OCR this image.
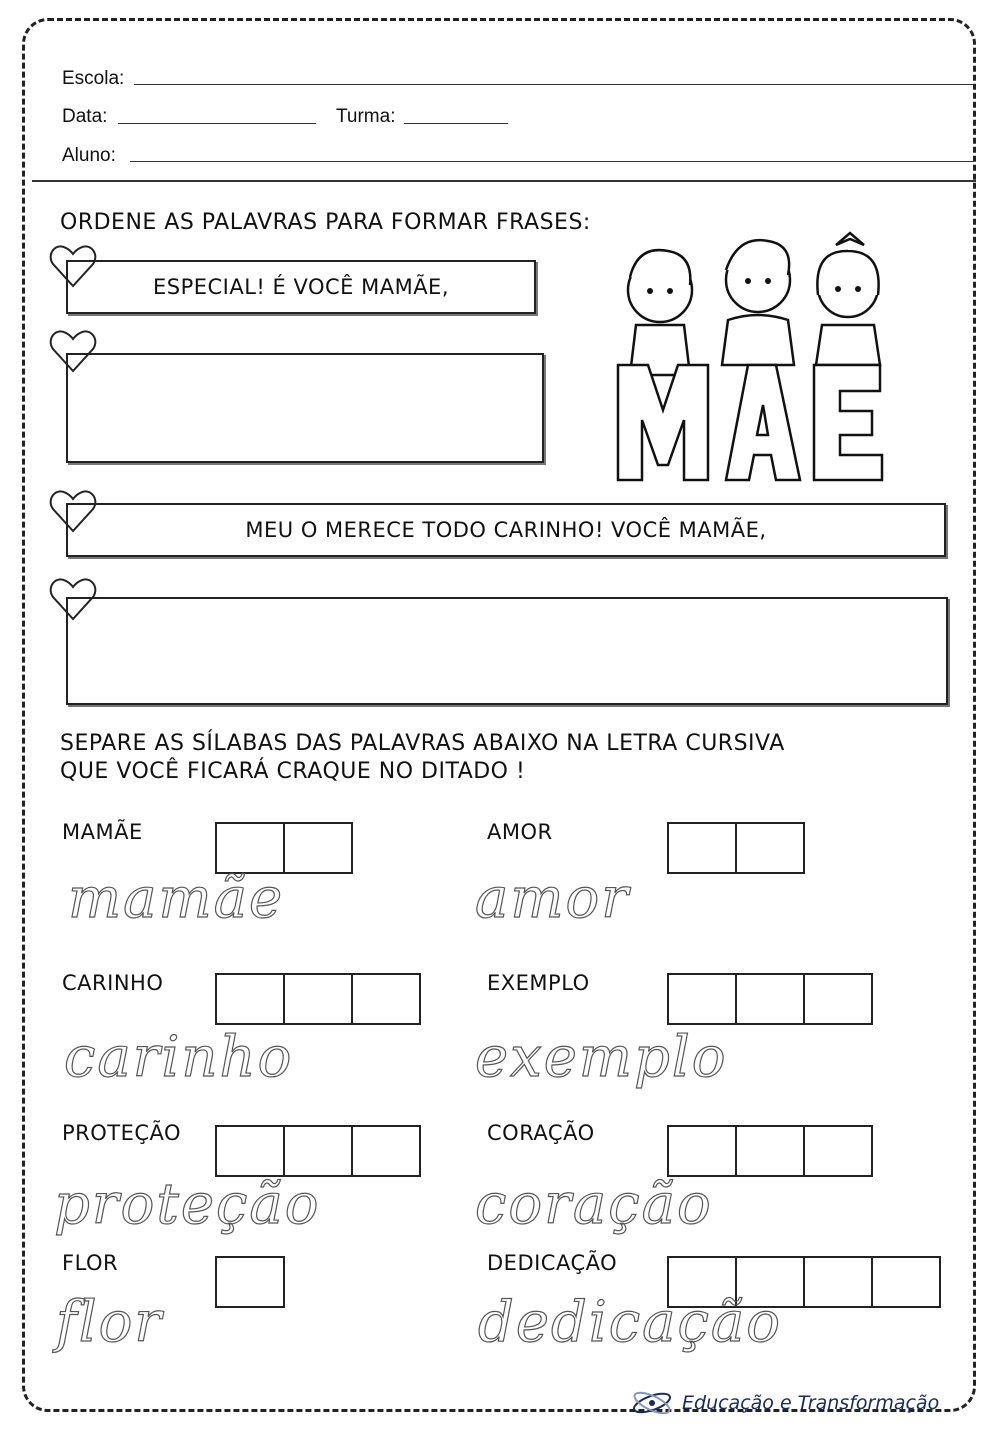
Escola:
Data:	Turma:
Aluno:
ORDENE AS PALAVRAS PARA FORMAR FRASES:
ESPECIAL! É VOCÊ MAMÃE,
MEU O MERECE TODO CARINHO! VOCÊ MAMÃE,
SEPARE AS SÍLABAS DAS PALAVRAS ABAIXO NA LETRA CURSIVA
QUE VOCÊ FICARÁ CRAQUE NO DITADO !
MAMÃE
mamãe
AMOR
amor
CARINHO
carinho
EXEMPLO
exemplo
PROTEÇÃO
proteção
CORAÇÃO
coração
FLOR
flor
DEDICAÇÃO
dedicação
Educação e Transformação
